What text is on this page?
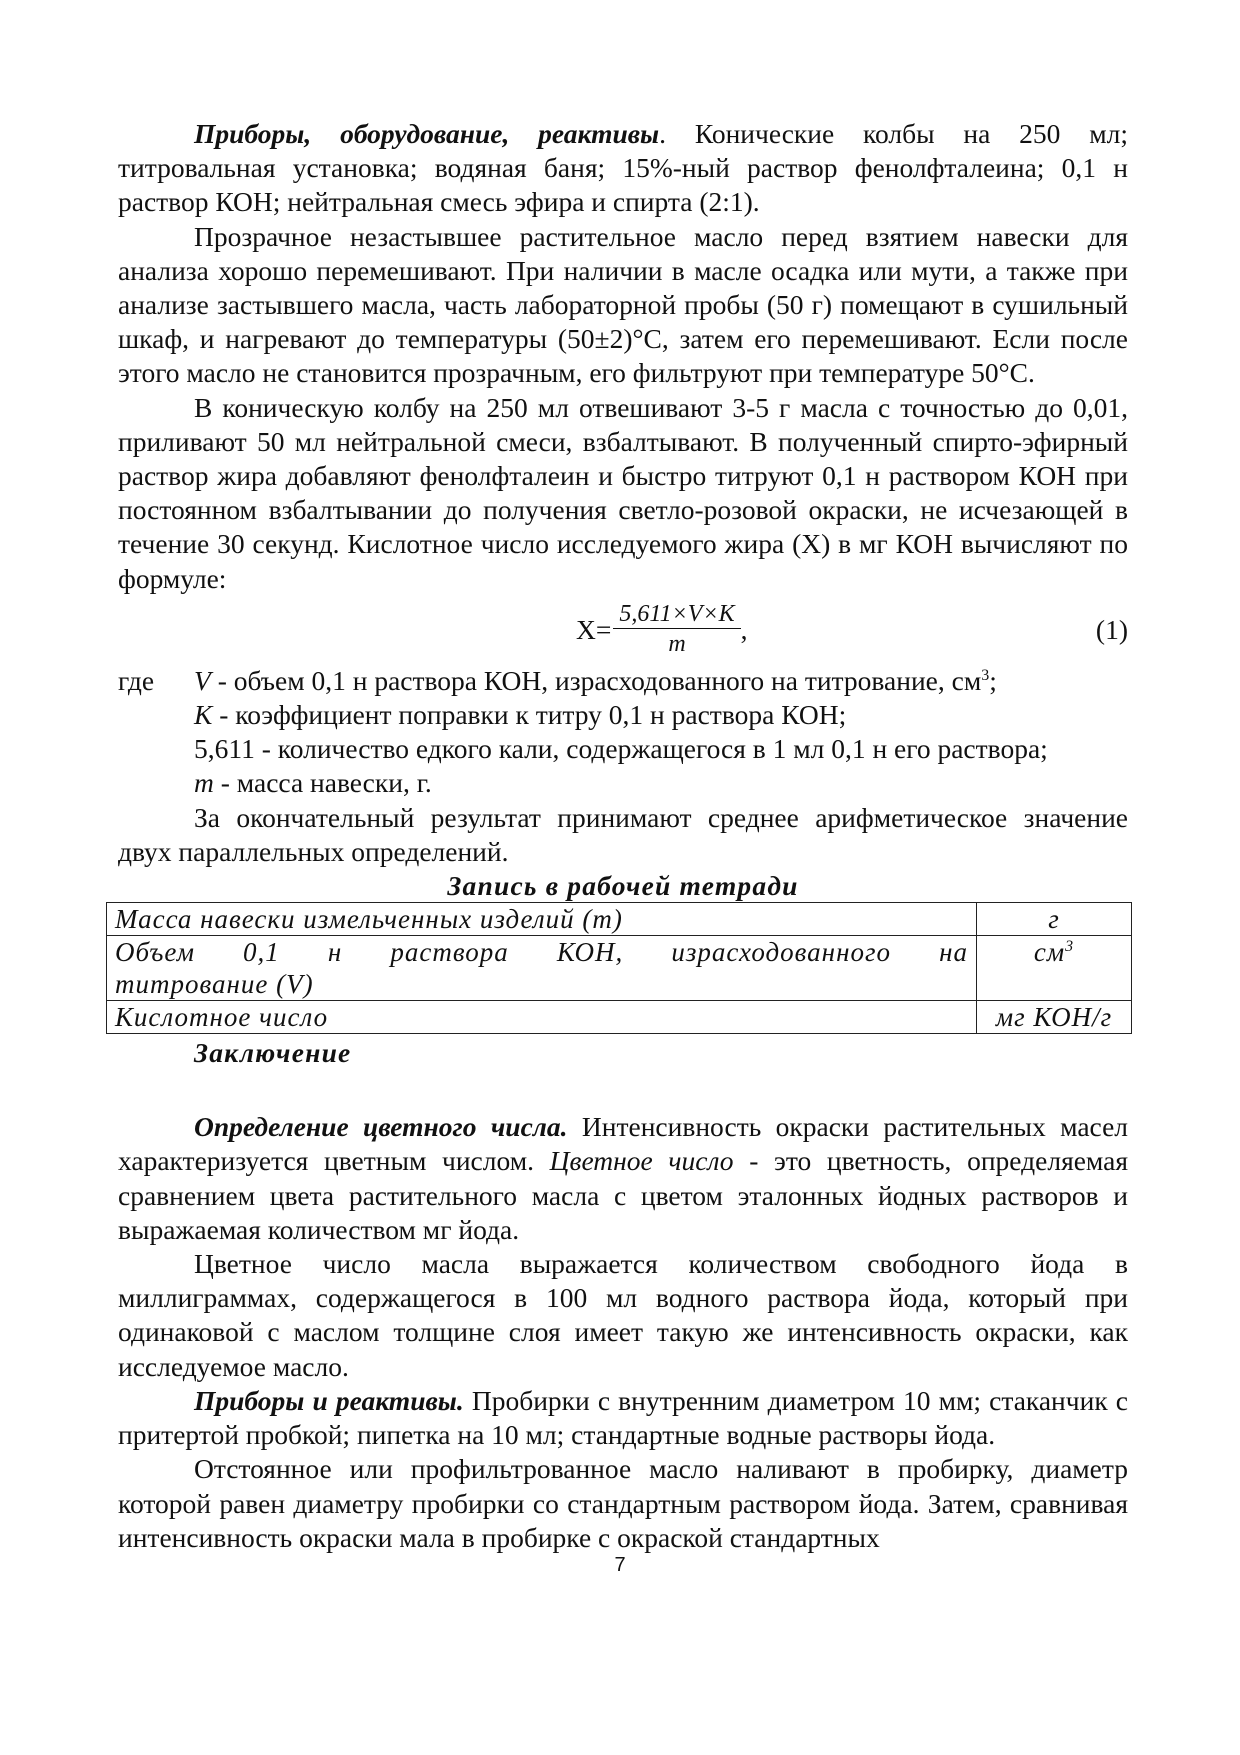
Приборы, оборудование, реактивы. Конические колбы на 250 мл; титровальная установка; водяная баня; 15%-ный раствор фенолфталеина; 0,1 н раствор КОН; нейтральная смесь эфира и спирта (2:1).

Прозрачное незастывшее растительное масло перед взятием навески для анализа хорошо перемешивают. При наличии в масле осадка или мути, а также при анализе застывшего масла, часть лабораторной пробы (50 г) помещают в сушильный шкаф, и нагревают до температуры (50±2)°С, затем его перемешивают. Если после этого масло не становится прозрачным, его фильтруют при температуре 50°С.

В коническую колбу на 250 мл отвешивают 3-5 г масла с точностью до 0,01, приливают 50 мл нейтральной смеси, взбалтывают. В полученный спирто-эфирный раствор жира добавляют фенолфталеин и быстро титруют 0,1 н раствором КОН при постоянном взбалтывании до получения светло-розовой окраски, не исчезающей в течение 30 секунд. Кислотное число исследуемого жира (Х) в мг КОН вычисляют по формуле:

$Х= \frac{5,611\times V\times K}{m}$ ,	(1)
где V - объем 0,1 н раствора КОН, израсходованного на титрование, $см^3$;
K - коэффициент поправки к титру 0,1 н раствора КОН;
5,611 - количество едкого кали, содержащегося в 1 мл 0,1 н его раствора;
m - масса навески, г.

За окончательный результат принимают среднее арифметическое значение двух параллельных определений.

Запись в рабочей тетради

Масса навески измельченных изделий (т)	г

Объем 0,1 н раствора КОН, израсходованного на
титрование (V)	$см^3$
Кислотное число	мг КОН/г

Заключение

Определение цветного числа. Интенсивность окраски растительных масел характеризуется цветным числом. Цветное число - это цветность, определяемая сравнением цвета растительного масла с цветом эталонных йодных растворов и выражаемая количеством мг йода.

Цветное число масла выражается количеством свободного йода в миллиграммах, содержащегося в 100 мл водного раствора йода, который при одинаковой с маслом толщине слоя имеет такую же интенсивность окраски, как исследуемое масло.

Приборы и реактивы. Пробирки с внутренним диаметром 10 мм; стаканчик с притертой пробкой; пипетка на 10 мл; стандартные водные растворы йода.

Отстоянное или профильтрованное масло наливают в пробирку, диаметр которой равен диаметру пробирки со стандартным раствором йода. Затем, сравнивая интенсивность окраски мала в пробирке с окраской стандартных

7
